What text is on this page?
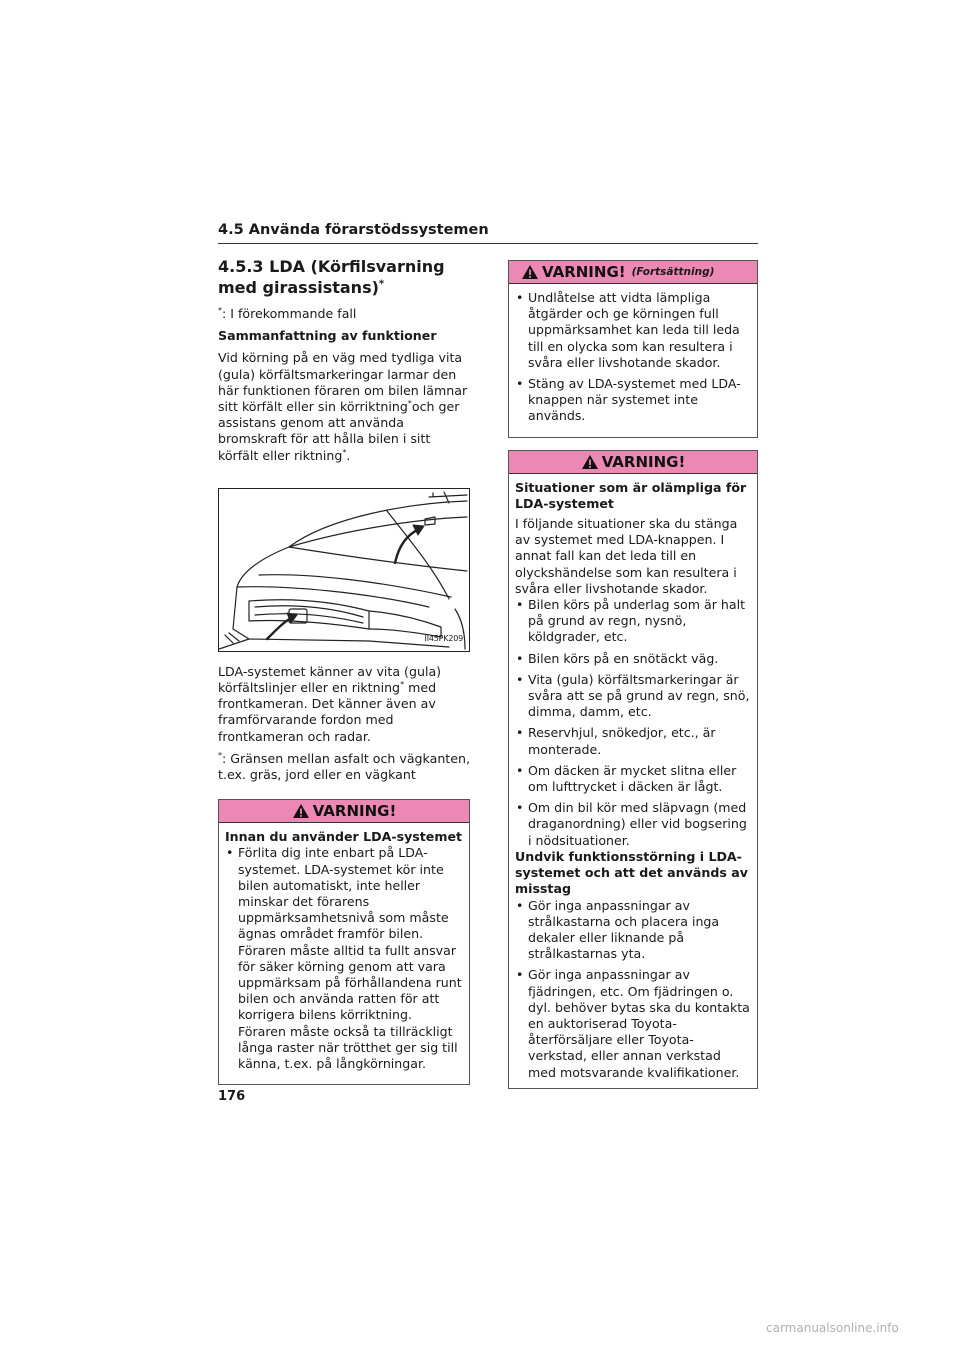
4.5 Använda förarstödssystemen
4.5.3 LDA (Körfilsvarning med girassistans)*

*: I förekommande fall

Sammanfattning av funktioner

Vid körning på en väg med tydliga vita (gula) körfältsmarkeringar larmar den här funktionen föraren om bilen lämnar sitt körfält eller sin körriktning*och ger assistans genom att använda bromskraft för att hålla bilen i sitt körfält eller riktning*.

II45PK209

LDA-systemet känner av vita (gula) körfältslinjer eller en riktning* med frontkameran. Det känner även av framförvarande fordon med frontkameran och radar.

*: Gränsen mellan asfalt och vägkanten, t.ex. gräs, jord eller en vägkant

VARNING!
Innan du använder LDA-systemet
• Förlita dig inte enbart på LDA-systemet. LDA-systemet kör inte bilen automatiskt, inte heller minskar det förarens uppmärksamhetsnivå som måste ägnas området framför bilen. Föraren måste alltid ta fullt ansvar för säker körning genom att vara uppmärksam på förhållandena runt bilen och använda ratten för att korrigera bilens körriktning. Föraren måste också ta tillräckligt långa raster när trötthet ger sig till känna, t.ex. på långkörningar.
VARNING! (Fortsättning)
• Undlåtelse att vidta lämpliga åtgärder och ge körningen full uppmärksamhet kan leda till leda till en olycka som kan resultera i svåra eller livshotande skador.
• Stäng av LDA-systemet med LDA-knappen när systemet inte används.
VARNING!
Situationer som är olämpliga för LDA-systemet

I följande situationer ska du stänga av systemet med LDA-knappen. I annat fall kan det leda till en olyckshändelse som kan resultera i svåra eller livshotande skador.

• Bilen körs på underlag som är halt på grund av regn, nysnö, köldgrader, etc.
• Bilen körs på en snötäckt väg.
• Vita (gula) körfältsmarkeringar är svåra att se på grund av regn, snö, dimma, damm, etc.
• Reservhjul, snökedjor, etc., är monterade.
• Om däcken är mycket slitna eller om lufttrycket i däcken är lågt.
• Om din bil kör med släpvagn (med draganordning) eller vid bogsering i nödsituationer.
Undvik funktionsstörning i LDA-systemet och att det används av misstag
• Gör inga anpassningar av strålkastarna och placera inga dekaler eller liknande på strålkastarnas yta.
• Gör inga anpassningar av fjädringen, etc. Om fjädringen o. dyl. behöver bytas ska du kontakta en auktoriserad Toyota-återförsäljare eller Toyota-verkstad, eller annan verkstad med motsvarande kvalifikationer.
176
carmanualsonline.info
